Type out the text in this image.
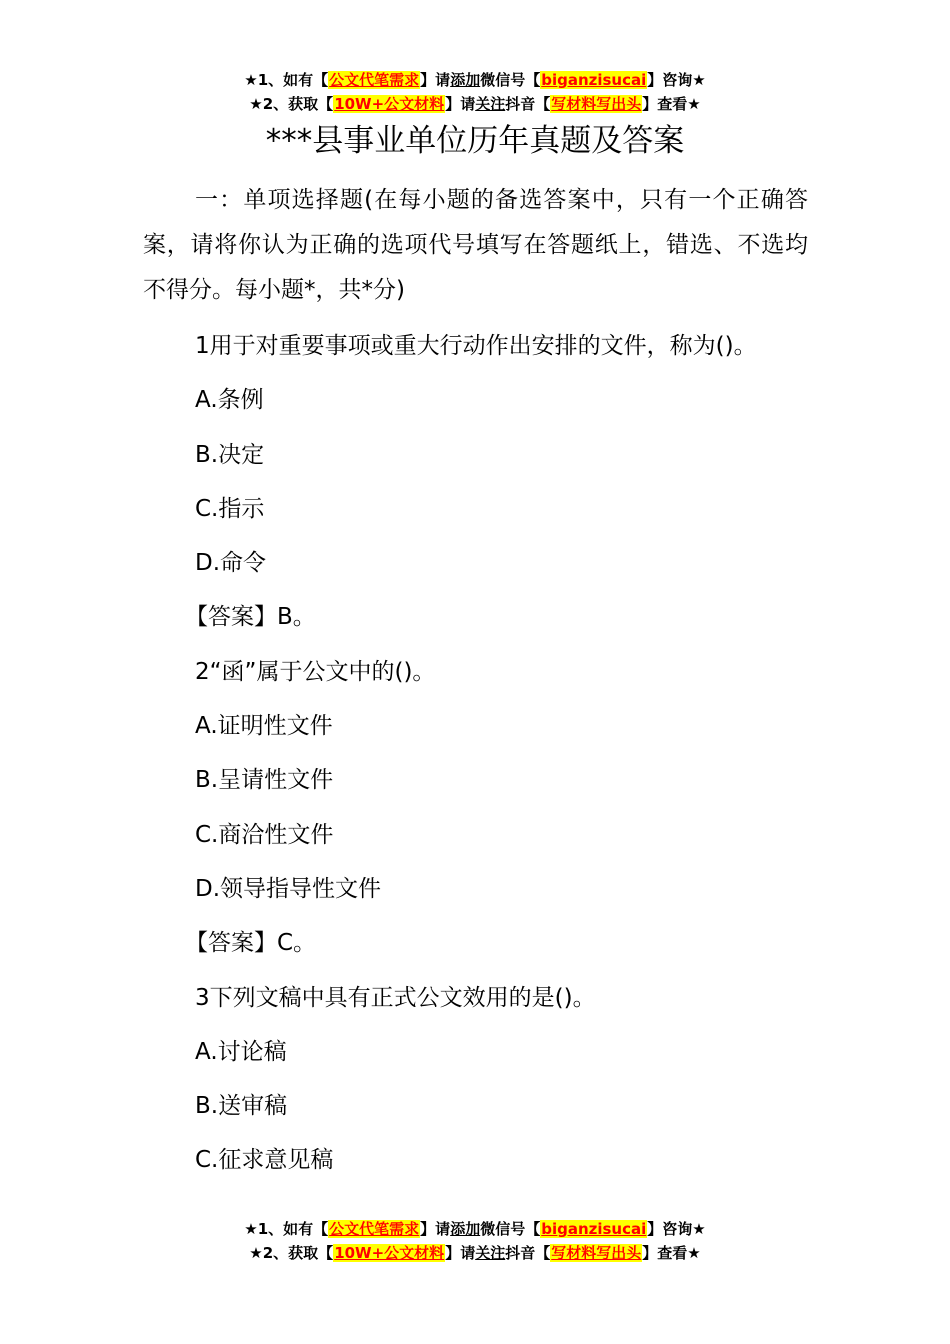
★1、如有【公文代笔需求】请添加微信号【biganzisucai】咨询★
★2、获取【10W+公文材料】请关注抖音【写材料写出头】查看★
***县事业单位历年真题及答案

一：单项选择题(在每小题的备选答案中，只有一个正确答案，请将你认为正确的选项代号填写在答题纸上，错选、不选均不得分。每小题*，共*分)

1用于对重要事项或重大行动作出安排的文件，称为()。

A.条例

B.决定

C.指示

D.命令

【答案】B。

2“函”属于公文中的()。

A.证明性文件

B.呈请性文件

C.商洽性文件

D.领导指导性文件

【答案】C。

3下列文稿中具有正式公文效用的是()。

A.讨论稿

B.送审稿

C.征求意见稿

★1、如有【公文代笔需求】请添加微信号【biganzisucai】咨询★
★2、获取【10W+公文材料】请关注抖音【写材料写出头】查看★
